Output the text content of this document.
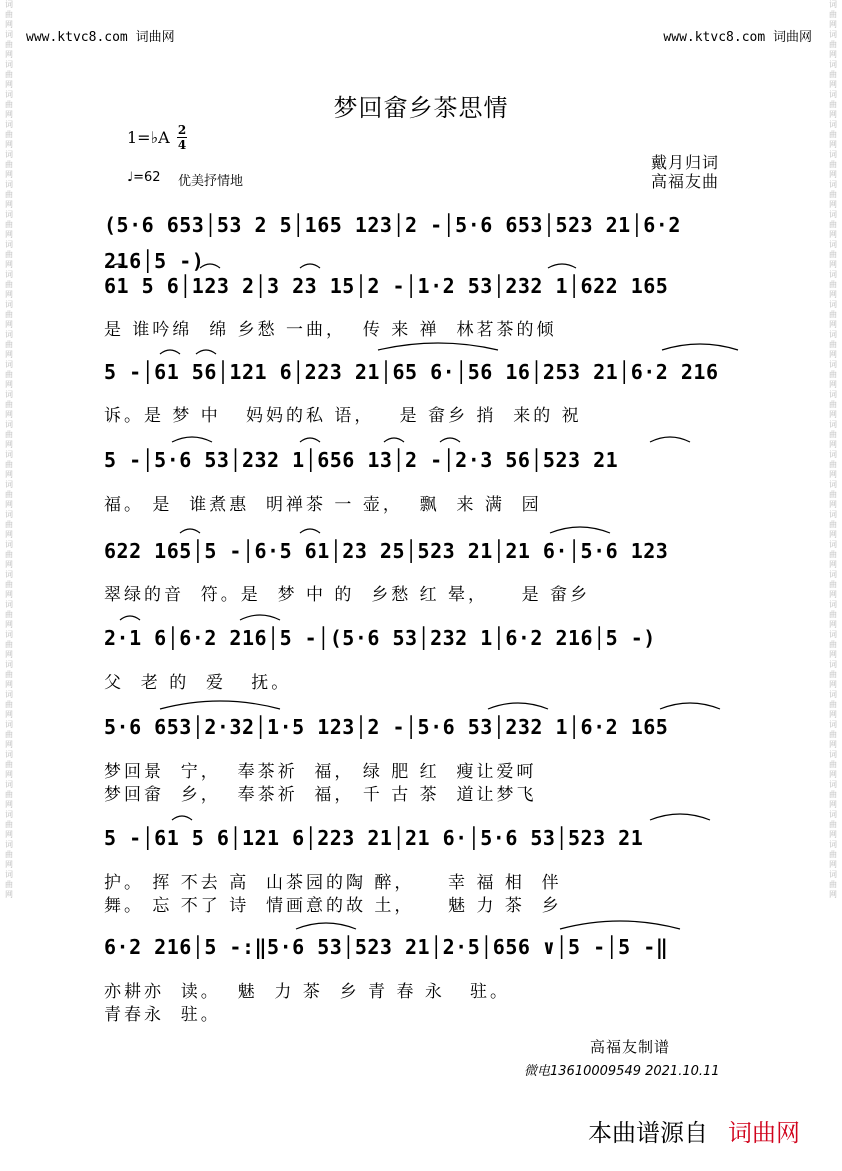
词曲网词曲网词曲网词曲网词曲网词曲网词曲网词曲网词曲网词曲网词曲网词曲网词曲网词曲网词曲网词曲网词曲网词曲网词曲网词曲网词曲网词曲网词曲网词曲网词曲网词曲网词曲网词曲网词曲网词曲网
词曲网词曲网词曲网词曲网词曲网词曲网词曲网词曲网词曲网词曲网词曲网词曲网词曲网词曲网词曲网词曲网词曲网词曲网词曲网词曲网词曲网词曲网词曲网词曲网词曲网词曲网词曲网词曲网词曲网词曲网
www.ktvc8.com 词曲网	www.ktvc8.com 词曲网
梦回畲乡茶思情
1=♭A 2
4
♩=62 优美抒情地
戴月归词
高福友曲
(5·6 653│53 2 5│165 123│2 -│5·6 653│523 21│6·2 216│5 -)
61 5 6│123 2│3 23 15│2 -│1·2 53│232 1│622 165
是 谁吟绵  绵 乡愁 一曲，  传 来 禅  林茗茶的倾
5 -│61 56│121 6│223 21│65 6·│56 16│253 21│6·2 216
诉。是 梦 中   妈妈的私 语，   是 畲乡 捎  来的 祝
5 -│5·6 53│232 1│656 13│2 -│2·3 56│523 21
福。 是  谁煮惠  明禅茶 一 壶，  飘  来 满  园
622 165│5 -│6·5 61│23 25│523 21│21 6·│5·6 123
翠绿的音  符。是  梦 中 的  乡愁 红 晕，    是 畲乡
2·1 6│6·2 216│5 -│(5·6 53│232 1│6·2 216│5 -)
父  老 的  爱   抚。
5·6 653│2·32│1·5 123│2 -│5·6 53│232 1│6·2 165
梦回景  宁，  奉茶祈  福， 绿 肥 红  瘦让爱呵
梦回畲  乡，  奉茶祈  福， 千 古 茶  道让梦飞
5 -│61 5 6│121 6│223 21│21 6·│5·6 53│523 21
护。 挥 不去 高  山茶园的陶 醉，    幸 福 相  伴
舞。 忘 不了 诗  情画意的故 土，    魅 力 茶  乡
6·2 216│5 -:‖5·6 53│523 21│2·5│656 ∨│5 -│5 -‖
亦耕亦  读。  魅  力 茶  乡 青 春 永   驻。
青春永  驻。
高福友制谱
微电13610009549 2021.10.11
本曲谱源自 词曲网
